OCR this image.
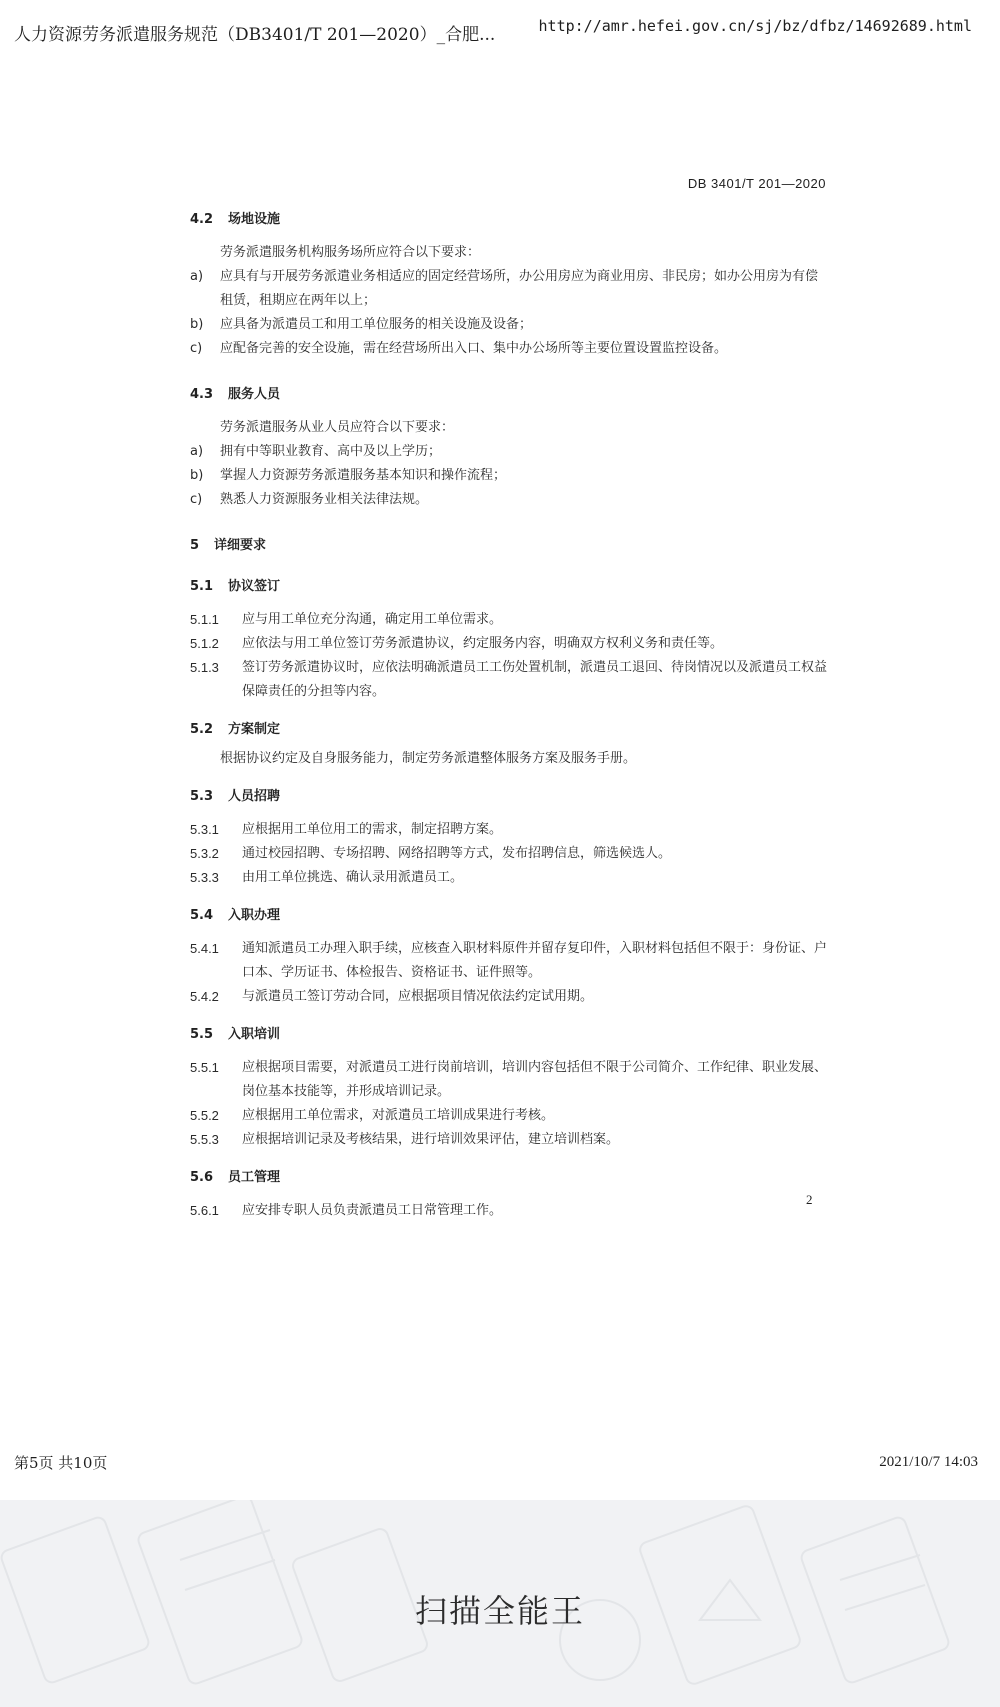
人力资源劳务派遣服务规范（DB3401/T 201—2020）_合肥...	http://amr.hefei.gov.cn/sj/bz/dfbz/14692689.html
DB 3401/T 201—2020
4.2 场地设施
劳务派遣服务机构服务场所应符合以下要求：
a)	应具有与开展劳务派遣业务相适应的固定经营场所，办公用房应为商业用房、非民房；如办公用房为有偿租赁，租期应在两年以上；
b)	应具备为派遣员工和用工单位服务的相关设施及设备；
c)	应配备完善的安全设施，需在经营场所出入口、集中办公场所等主要位置设置监控设备。
4.3 服务人员
劳务派遣服务从业人员应符合以下要求：
a)	拥有中等职业教育、高中及以上学历；
b)	掌握人力资源劳务派遣服务基本知识和操作流程；
c)	熟悉人力资源服务业相关法律法规。
5 详细要求
5.1 协议签订
5.1.1	应与用工单位充分沟通，确定用工单位需求。
5.1.2	应依法与用工单位签订劳务派遣协议，约定服务内容，明确双方权利义务和责任等。
5.1.3	签订劳务派遣协议时，应依法明确派遣员工工伤处置机制，派遣员工退回、待岗情况以及派遣员工权益保障责任的分担等内容。
5.2 方案制定
根据协议约定及自身服务能力，制定劳务派遣整体服务方案及服务手册。
5.3 人员招聘
5.3.1	应根据用工单位用工的需求，制定招聘方案。
5.3.2	通过校园招聘、专场招聘、网络招聘等方式，发布招聘信息，筛选候选人。
5.3.3	由用工单位挑选、确认录用派遣员工。
5.4 入职办理
5.4.1	通知派遣员工办理入职手续，应核查入职材料原件并留存复印件，入职材料包括但不限于：身份证、户口本、学历证书、体检报告、资格证书、证件照等。
5.4.2	与派遣员工签订劳动合同，应根据项目情况依法约定试用期。
5.5 入职培训
5.5.1	应根据项目需要，对派遣员工进行岗前培训，培训内容包括但不限于公司简介、工作纪律、职业发展、岗位基本技能等，并形成培训记录。
5.5.2	应根据用工单位需求，对派遣员工培训成果进行考核。
5.5.3	应根据培训记录及考核结果，进行培训效果评估，建立培训档案。
5.6 员工管理
5.6.1	应安排专职人员负责派遣员工日常管理工作。
2
第5页 共10页	2021/10/7 14:03
扫描全能王
